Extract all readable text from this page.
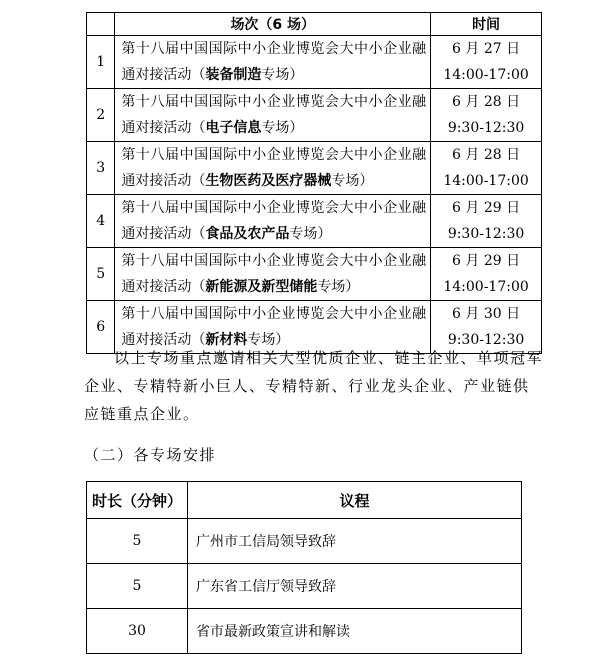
	场次（6 场）	时间
1	第十八届中国国际中小企业博览会大中小企业融通对接活动（装备制造专场）	6 月 27 日
14:00-17:00

2	第十八届中国国际中小企业博览会大中小企业融通对接活动（电子信息专场）	6 月 28 日
9:30-12:30

3	第十八届中国国际中小企业博览会大中小企业融通对接活动（生物医药及医疗器械专场）	6 月 28 日
14:00-17:00

4	第十八届中国国际中小企业博览会大中小企业融通对接活动（食品及农产品专场）	6 月 29 日
9:30-12:30

5	第十八届中国国际中小企业博览会大中小企业融通对接活动（新能源及新型储能专场）	6 月 29 日
14:00-17:00

6	第十八届中国国际中小企业博览会大中小企业融通对接活动（新材料专场）	6 月 30 日
9:30-12:30

以上专场重点邀请相关大型优质企业、链主企业、单项冠军企业、专精特新小巨人、专精特新、行业龙头企业、产业链供应链重点企业。

（二）各专场安排

时长（分钟）	议程
5	广州市工信局领导致辞
5	广东省工信厅领导致辞
30	省市最新政策宣讲和解读
